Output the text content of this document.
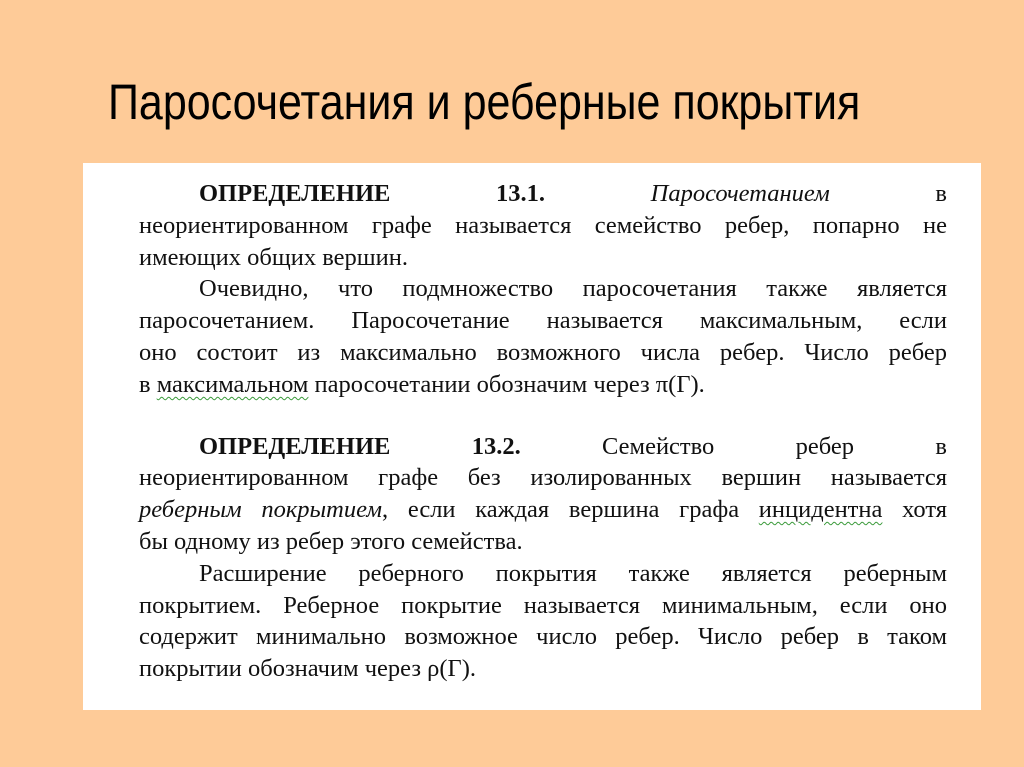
Паросочетания и реберные покрытия
ОПРЕДЕЛЕНИЕ	13.1.	Паросочетанием	в
неориентированном графе называется семейство ребер, попарно не
имеющих общих вершин.
Очевидно, что подмножество паросочетания также является
паросочетанием. Паросочетание называется максимальным, если
оно состоит из максимально возможного числа ребер. Число ребер
в максимальном паросочетании обозначим через π(Г).
ОПРЕДЕЛЕНИЕ	13.2.	Семейство	ребер	в
неориентированном графе без изолированных вершин называется
реберным покрытием, если каждая вершина графа инцидентна хотя
бы одному из ребер этого семейства.
Расширение реберного покрытия также является реберным
покрытием. Реберное покрытие называется минимальным, если оно
содержит минимально возможное число ребер. Число ребер в таком
покрытии обозначим через ρ(Г).
